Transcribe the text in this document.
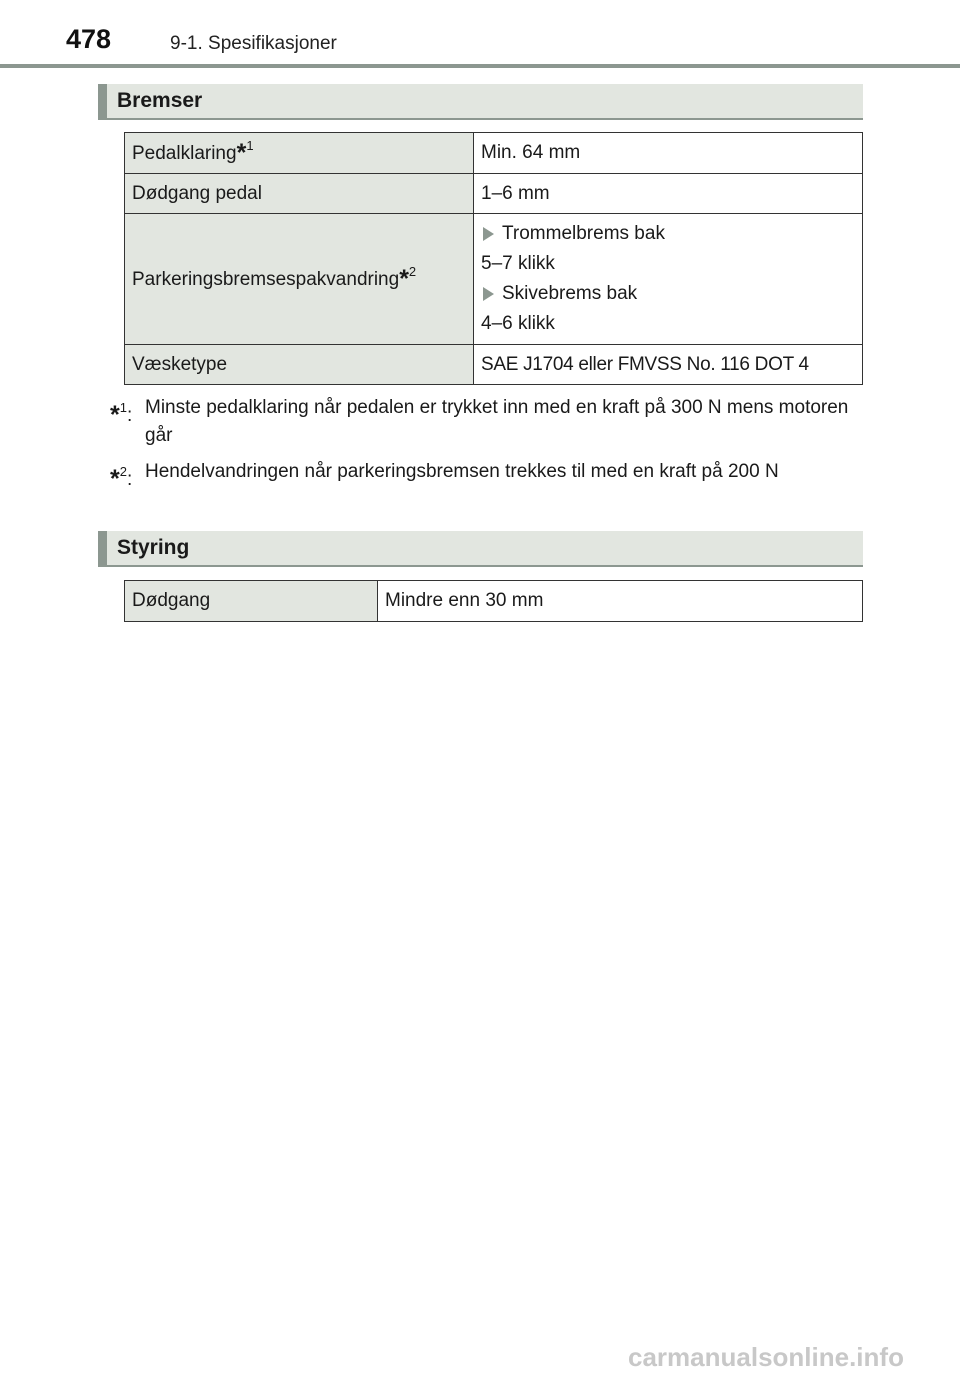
478	9-1. Spesifikasjoner
Bremser
Pedalklaring*$^1$	Min. 64 mm
Dødgang pedal	1–6 mm
Parkeringsbremsespakvandring*$^2$	Trommelbrems bak
5–7 klikk
Skivebrems bak
4–6 klikk

Væsketype	SAE J1704 eller FMVSS No. 116 DOT 4
*$^1$: Minste pedalklaring når pedalen er trykket inn med en kraft på 300 N mens motoren går
*$^2$: Hendelvandringen når parkeringsbremsen trekkes til med en kraft på 200 N
Styring
Dødgang	Mindre enn 30 mm
carmanualsonline.info
